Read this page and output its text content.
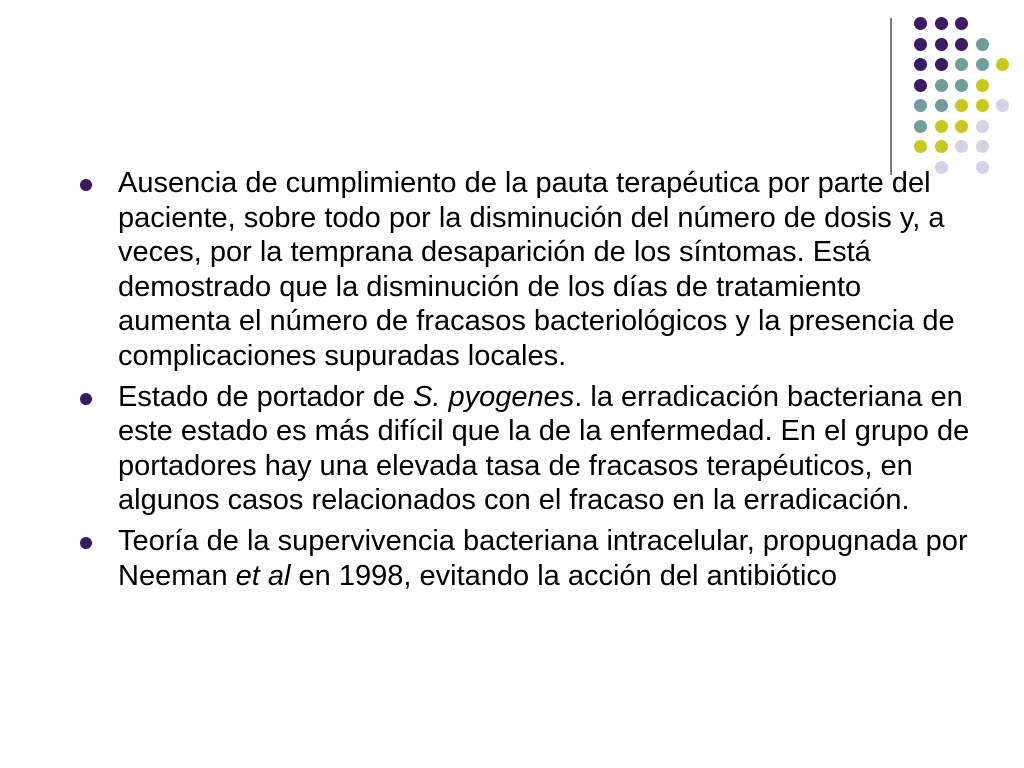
Ausencia de cumplimiento de la pauta terapéutica por parte del paciente, sobre todo por la disminución del número de dosis y, a veces, por la temprana desaparición de los síntomas. Está demostrado que la disminución de los días de tratamiento aumenta el número de fracasos bacteriológicos y la presencia de complicaciones supuradas locales.
Estado de portador de S. pyogenes. la erradicación bacteriana en este estado es más difícil que la de la enfermedad. En el grupo de portadores hay una elevada tasa de fracasos terapéuticos, en algunos casos relacionados con el fracaso en la erradicación.
Teoría de la supervivencia bacteriana intracelular, propugnada por Neeman et al en 1998, evitando la acción del antibiótico
